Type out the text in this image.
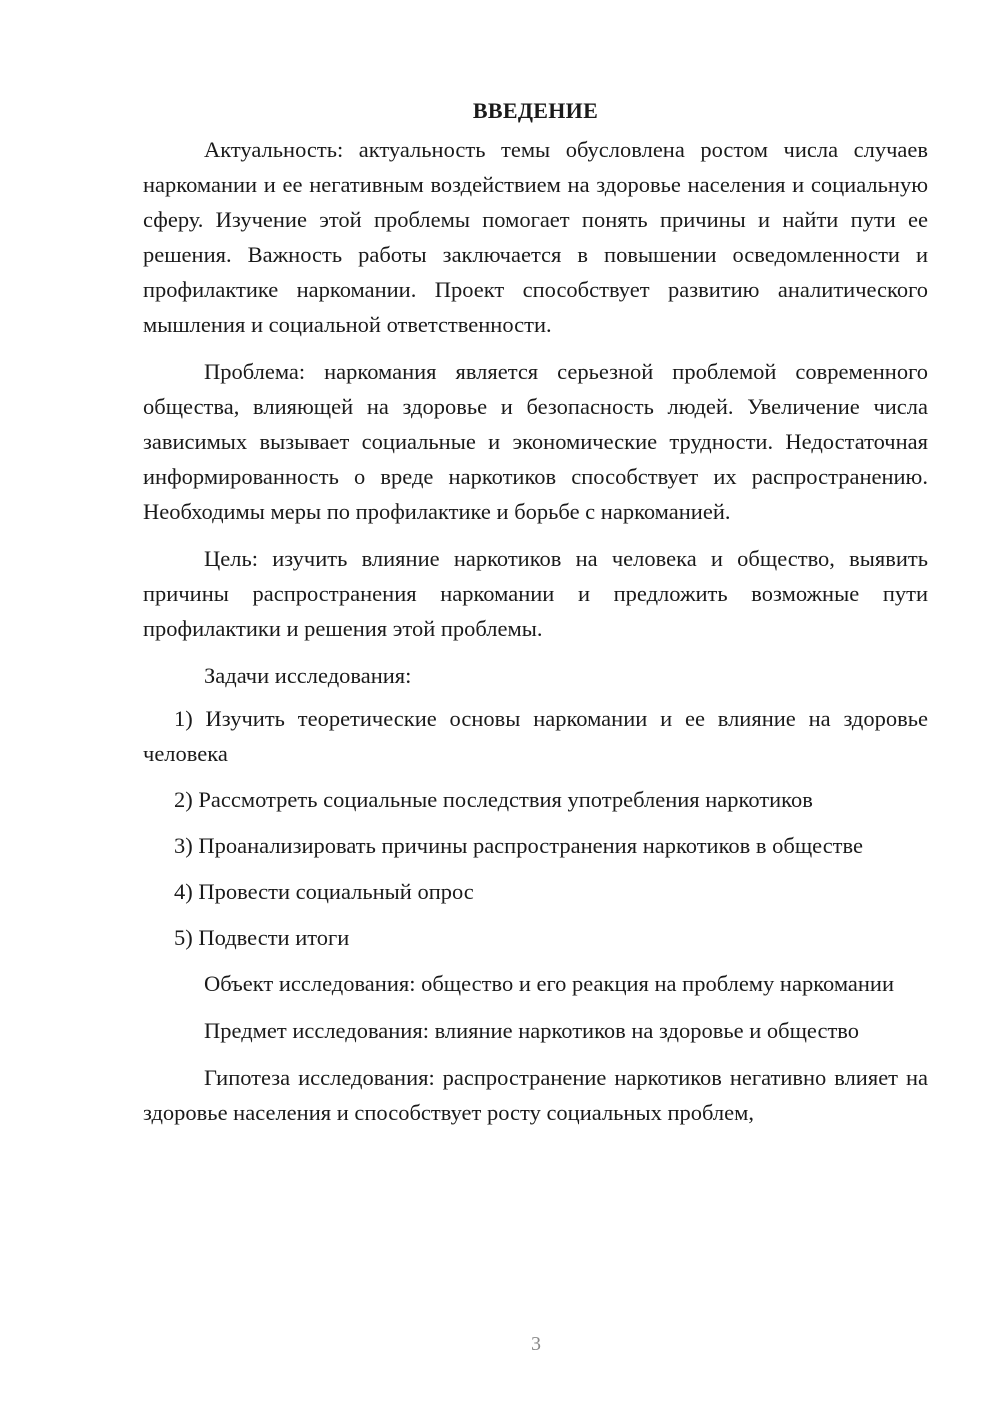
ВВЕДЕНИЕ

Актуальность: актуальность темы обусловлена ростом числа случаев наркомании и ее негативным воздействием на здоровье населения и социальную сферу. Изучение этой проблемы помогает понять причины и найти пути ее решения. Важность работы заключается в повышении осведомленности и профилактике наркомании. Проект способствует развитию аналитического мышления и социальной ответственности.

Проблема: наркомания является серьезной проблемой современного общества, влияющей на здоровье и безопасность людей. Увеличение числа зависимых вызывает социальные и экономические трудности. Недостаточная информированность о вреде наркотиков способствует их распространению. Необходимы меры по профилактике и борьбе с наркоманией.

Цель: изучить влияние наркотиков на человека и общество, выявить причины распространения наркомании и предложить возможные пути профилактики и решения этой проблемы.

Задачи исследования:

1) Изучить теоретические основы наркомании и ее влияние на здоровье человека

2) Рассмотреть социальные последствия употребления наркотиков

3) Проанализировать причины распространения наркотиков в обществе

4) Провести социальный опрос

5) Подвести итоги

Объект исследования: общество и его реакция на проблему наркомании

Предмет исследования: влияние наркотиков на здоровье и общество

Гипотеза исследования: распространение наркотиков негативно влияет на здоровье населения и способствует росту социальных проблем,

3
